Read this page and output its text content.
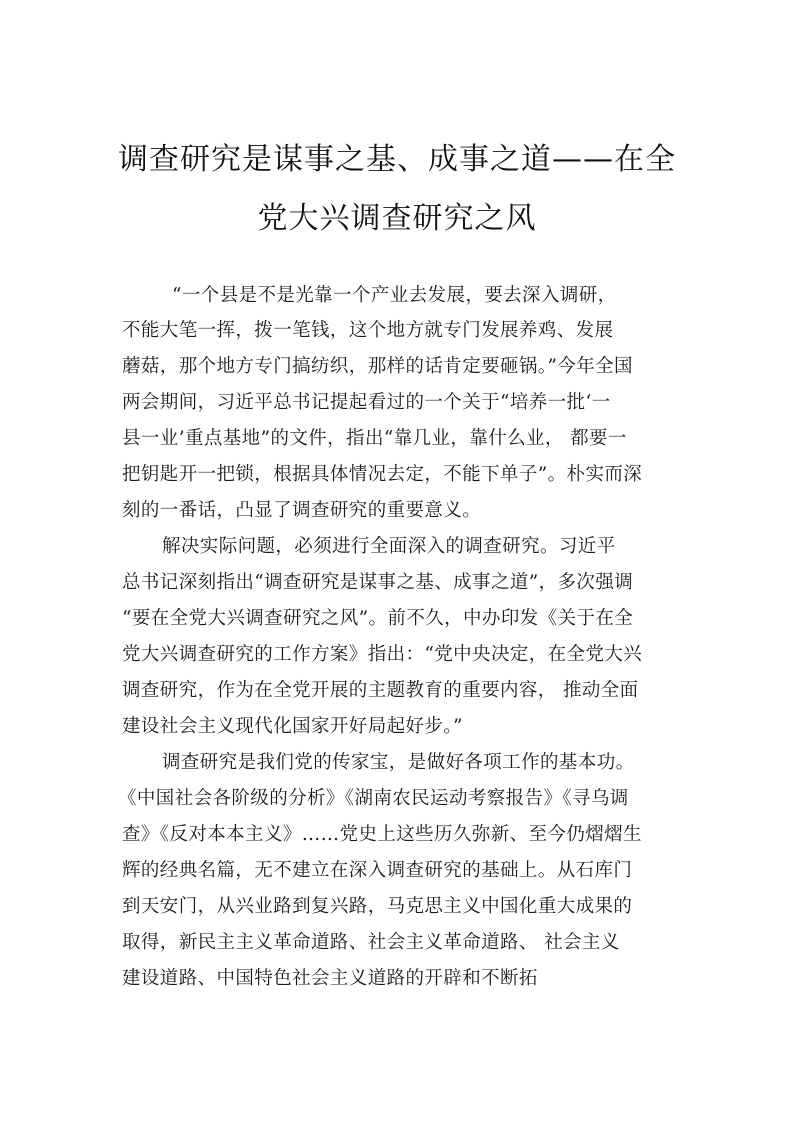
调查研究是谋事之基、成事之道——在全
党大兴调查研究之风
“一个县是不是光靠一个产业去发展，要去深入调研，
不能大笔一挥，拨一笔钱，这个地方就专门发展养鸡、发展
蘑菇，那个地方专门搞纺织，那样的话肯定要砸锅。”今年全国
两会期间，习近平总书记提起看过的一个关于“培养一批‘一
县一业’重点基地”的文件，指出“靠几业，靠什么业， 都要一
把钥匙开一把锁，根据具体情况去定，不能下单子”。朴实而深
刻的一番话，凸显了调查研究的重要意义。
解决实际问题，必须进行全面深入的调查研究。习近平
总书记深刻指出“调查研究是谋事之基、成事之道”，多次强调
“要在全党大兴调查研究之风”。前不久，中办印发《关于在全
党大兴调查研究的工作方案》指出：“党中央决定，在全党大兴
调查研究，作为在全党开展的主题教育的重要内容， 推动全面
建设社会主义现代化国家开好局起好步。”
调查研究是我们党的传家宝，是做好各项工作的基本功。
《中国社会各阶级的分析》《湖南农民运动考察报告》《寻乌调
查》《反对本本主义》……党史上这些历久弥新、至今仍熠熠生
辉的经典名篇，无不建立在深入调查研究的基础上。从石库门
到天安门，从兴业路到复兴路，马克思主义中国化重大成果的
取得，新民主主义革命道路、社会主义革命道路、 社会主义
建设道路、中国特色社会主义道路的开辟和不断拓
